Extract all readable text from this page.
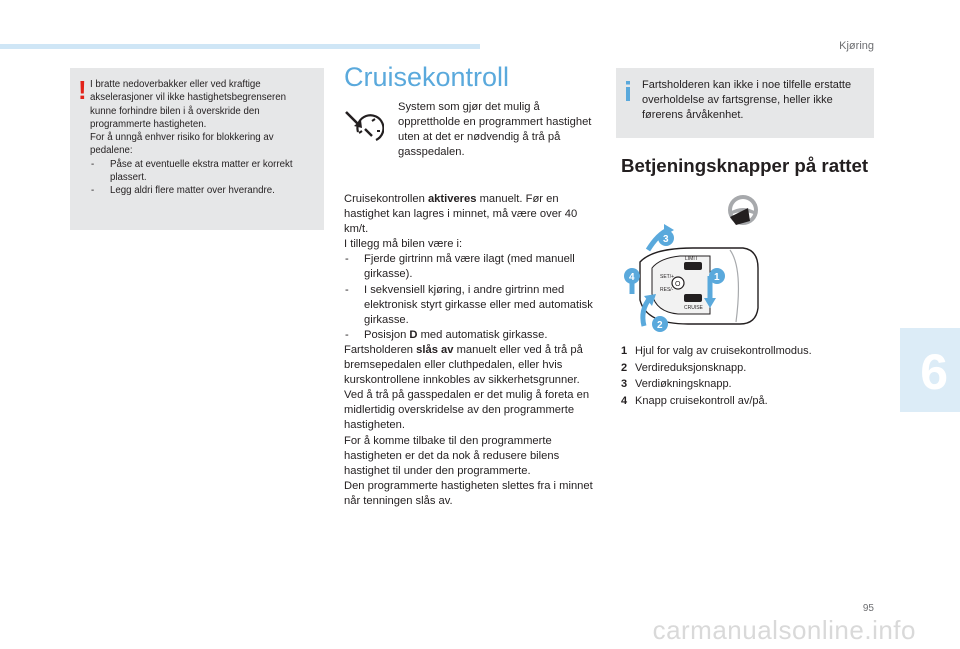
Kjøring
! I bratte nedoverbakker eller ved kraftige
akselerasjoner vil ikke hastighetsbegrenseren
kunne forhindre bilen i å overskride den
programmerte hastigheten.
For å unngå enhver risiko for blokkering av
pedalene:
- Påse at eventuelle ekstra matter er korrekt plassert.
- Legg aldri flere matter over hverandre.
Cruisekontroll
System som gjør det mulig å opprettholde en programmert hastighet uten at det er nødvendig å trå på gasspedalen.
Cruisekontrollen aktiveres manuelt. Før en hastighet kan lagres i minnet, må være over 40 km/t.
I tillegg må bilen være i:
- Fjerde girtrinn må være ilagt (med manuell girkasse).
- I sekvensiell kjøring, i andre girtrinn med elektronisk styrt girkasse eller med automatisk girkasse.
- Posisjon D med automatisk girkasse.
Fartsholderen slås av manuelt eller ved å trå på bremsepedalen eller cluthpedalen, eller hvis kurskontrollene innkobles av sikkerhetsgrunner.
Ved å trå på gasspedalen er det mulig å foreta en midlertidig overskridelse av den programmerte hastigheten.
For å komme tilbake til den programmerte hastigheten er det da nok å redusere bilens hastighet til under den programmerte.
Den programmerte hastigheten slettes fra i minnet når tenningen slås av.
Fartsholderen kan ikke i noe tilfelle erstatte overholdelse av fartsgrense, heller ikke førerens årvåkenhet.
Betjeningsknapper på rattet
O
SET/+
RES/-
LIMIT
CRUISE
3
1
4
2
1 Hjul for valg av cruisekontrollmodus.
2 Verdireduksjonsknapp.
3 Verdiøkningsknapp.
4 Knapp cruisekontroll av/på.
6
95
carmanualsonline.info
